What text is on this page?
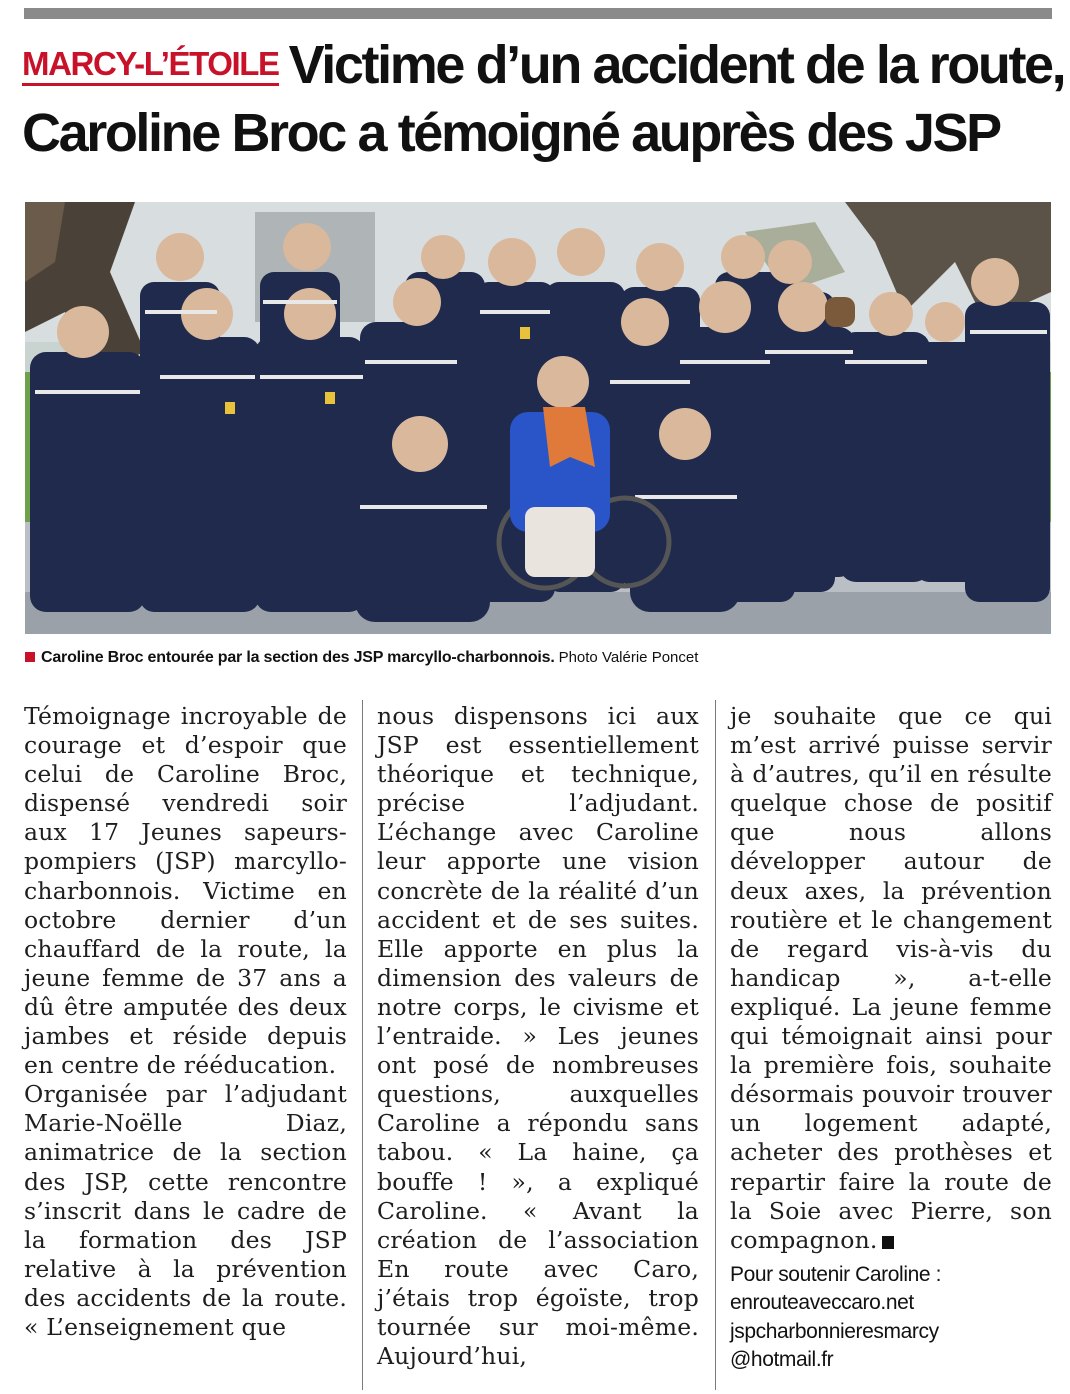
MARCY-L’ÉTOILE Victime d’un accident de la route,
Caroline Broc a témoigné auprès des JSP
Caroline Broc entourée par la section des JSP marcyllo-charbonnois. Photo Valérie Poncet

Témoignage incroyable de courage et d’espoir que celui de Caroline Broc, dispensé vendredi soir aux 17 Jeunes sapeurs-pompiers (JSP) marcyllo-charbonnois. Victime en octobre dernier d’un chauffard de la route, la jeune femme de 37 ans a dû être amputée des deux jambes et réside depuis en centre de rééducation.

Organisée par l’adjudant Marie-Noëlle Diaz, animatrice de la section des JSP, cette rencontre s’inscrit dans le cadre de la formation des JSP relative à la prévention des accidents de la route. « L’enseignement que

nous dispensons ici aux JSP est essentiellement théorique et technique, précise l’adjudant. L’échange avec Caroline leur apporte une vision concrète de la réalité d’un accident et de ses suites. Elle apporte en plus la dimension des valeurs de notre corps, le civisme et l’entraide. » Les jeunes ont posé de nombreuses questions, auxquelles Caroline a répondu sans tabou. « La haine, ça bouffe ! », a expliqué Caroline. « Avant la création de l’association En route avec Caro, j’étais trop égoïste, trop tournée sur moi-même. Aujourd’hui,

je souhaite que ce qui m’est arrivé puisse servir à d’autres, qu’il en résulte quelque chose de positif que nous allons développer autour de deux axes, la prévention routière et le changement de regard vis-à-vis du handicap », a-t-elle expliqué. La jeune femme qui témoignait ainsi pour la première fois, souhaite désormais pouvoir trouver un logement adapté, acheter des prothèses et repartir faire la route de la Soie avec Pierre, son compagnon.

Pour soutenir Caroline :
enrouteaveccaro.net
jspcharbonnieresmarcy
@hotmail.fr
